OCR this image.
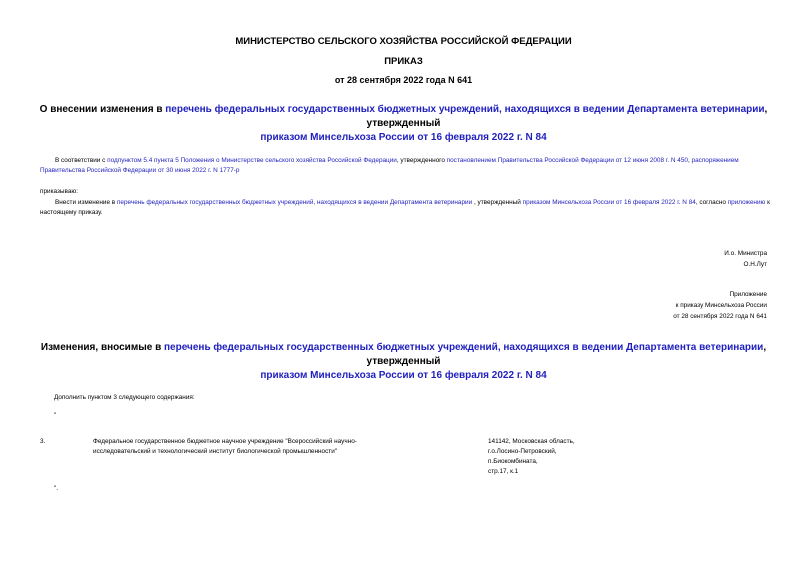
МИНИСТЕРСТВО СЕЛЬСКОГО ХОЗЯЙСТВА РОССИЙСКОЙ ФЕДЕРАЦИИ
ПРИКАЗ
от 28 сентября 2022 года N 641
О внесении изменения в перечень федеральных государственных бюджетных учреждений, находящихся в ведении Департамента ветеринарии, утвержденный
приказом Минсельхоза России от 16 февраля 2022 г. N 84
В соответствии с подпунктом 5.4 пункта 5 Положения о Министерстве сельского хозяйства Российской Федерации, утвержденного постановлением Правительства Российской Федерации от 12 июня 2008 г. N 450, распоряжением Правительства Российской Федерации от 30 июня 2022 г. N 1777-р
приказываю:
Внести изменение в перечень федеральных государственных бюджетных учреждений, находящихся в ведении Департамента ветеринарии , утвержденный приказом Минсельхоза России от 16 февраля 2022 г. N 84, согласно приложению к настоящему приказу.
И.о. Министра
О.Н.Лут
Приложение
к приказу Минсельхоза России
от 28 сентября 2022 года N 641
Изменения, вносимые в перечень федеральных государственных бюджетных учреждений, находящихся в ведении Департамента ветеринарии, утвержденный
приказом Минсельхоза России от 16 февраля 2022 г. N 84
Дополнить пунктом 3 следующего содержания:
"
3.	Федеральное государственное бюджетное научное учреждение "Всероссийский научно-
исследовательский и технологический институт биологической промышленности"
141142, Московская область,
г.о.Лосино-Петровский,
п.Биокомбината,
стр.17, к.1
".
